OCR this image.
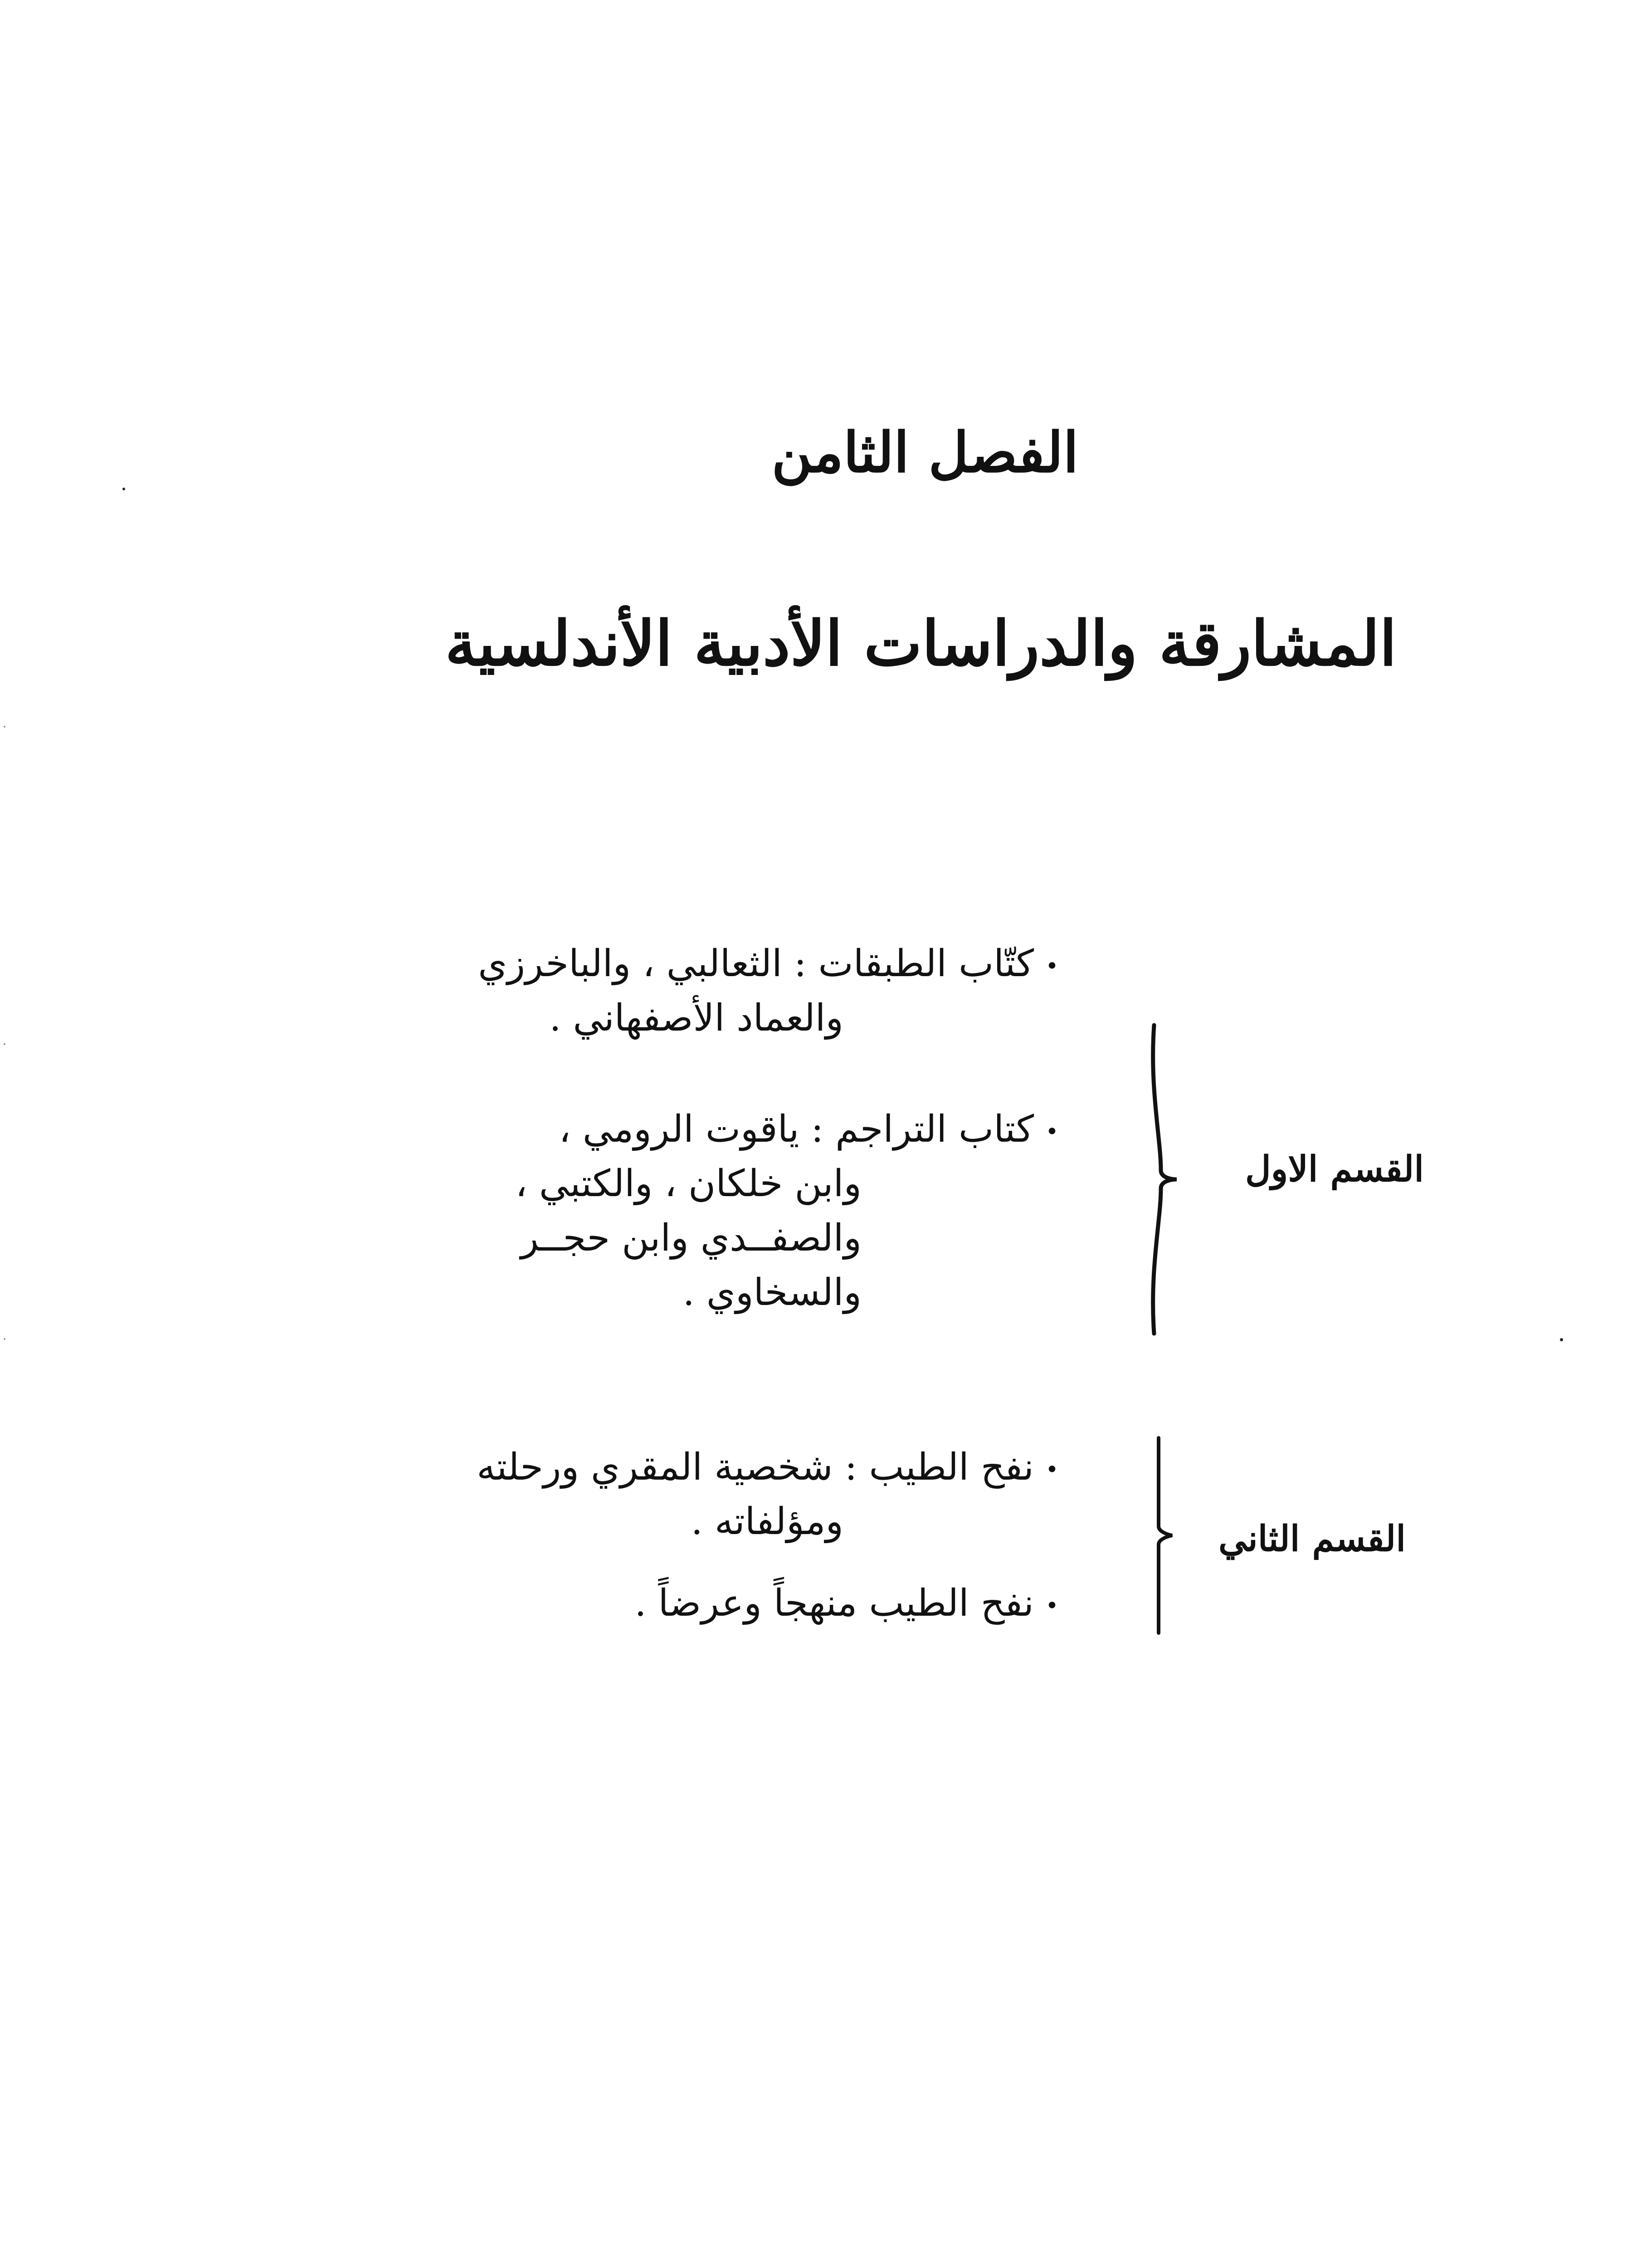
الفصل الثامن
المشارقة والدراسات الأدبية الأندلسية
القسم الاول
•كتّاب الطبقات : الثعالبي ، والباخرزي
والعماد الأصفهاني .
•كتاب التراجم : ياقوت الرومي ،
وابن خلكان ، والكتبي ،
والصفــدي وابن حجــر
والسخاوي .
القسم الثاني
•نفح الطيب : شخصية المقري ورحلته
ومؤلفاته .
•نفح الطيب منهجاً وعرضاً .
